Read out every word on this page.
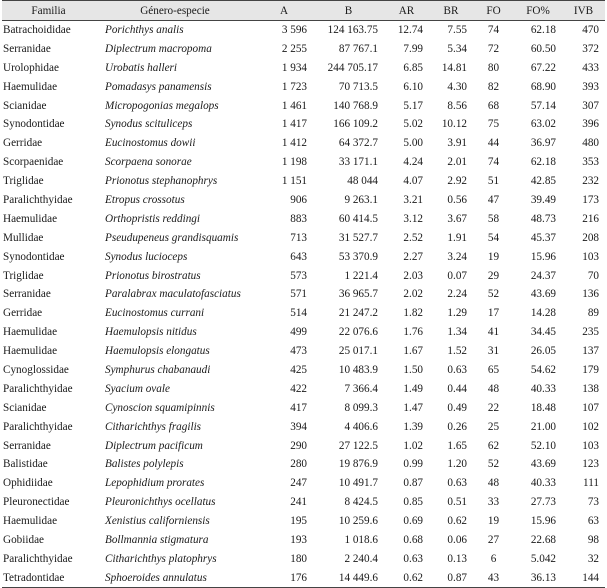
Familia	Género-especie	A	B	AR	BR	FO	FO%	IVB
Batrachoididae	Porichthys analis	3 596	124 163.75	12.74	7.55	74	62.18	470
Serranidae	Diplectrum macropoma	2 255	87 767.1	7.99	5.34	72	60.50	372
Urolophidae	Urobatis halleri	1 934	244 705.17	6.85	14.81	80	67.22	433
Haemulidae	Pomadasys panamensis	1 723	70 713.5	6.10	4.30	82	68.90	393
Scianidae	Micropogonias megalops	1 461	140 768.9	5.17	8.56	68	57.14	307
Synodontidae	Synodus scituliceps	1 417	166 109.2	5.02	10.12	75	63.02	396
Gerridae	Eucinostomus dowii	1 412	64 372.7	5.00	3.91	44	36.97	480
Scorpaenidae	Scorpaena sonorae	1 198	33 171.1	4.24	2.01	74	62.18	353
Triglidae	Prionotus stephanophrys	1 151	48 044	4.07	2.92	51	42.85	232
Paralichthyidae	Etropus crossotus	906	9 263.1	3.21	0.56	47	39.49	173
Haemulidae	Orthopristis reddingi	883	60 414.5	3.12	3.67	58	48.73	216
Mullidae	Pseudupeneus grandisquamis	713	31 527.7	2.52	1.91	54	45.37	208
Synodontidae	Synodus lucioceps	643	53 370.9	2.27	3.24	19	15.96	103
Triglidae	Prionotus birostratus	573	1 221.4	2.03	0.07	29	24.37	70
Serranidae	Paralabrax maculatofasciatus	571	36 965.7	2.02	2.24	52	43.69	136
Gerridae	Eucinostomus currani	514	21 247.2	1.82	1.29	17	14.28	89
Haemulidae	Haemulopsis nitidus	499	22 076.6	1.76	1.34	41	34.45	235
Haemulidae	Haemulopsis elongatus	473	25 017.1	1.67	1.52	31	26.05	137
Cynoglossidae	Symphurus chabanaudi	425	10 483.9	1.50	0.63	65	54.62	179
Paralichthyidae	Syacium ovale	422	7 366.4	1.49	0.44	48	40.33	138
Scianidae	Cynoscion squamipinnis	417	8 099.3	1.47	0.49	22	18.48	107
Paralichthyidae	Citharichthys fragilis	394	4 406.6	1.39	0.26	25	21.00	102
Serranidae	Diplectrum pacificum	290	27 122.5	1.02	1.65	62	52.10	103
Balistidae	Balistes polylepis	280	19 876.9	0.99	1.20	52	43.69	123
Ophidiidae	Lepophidium prorates	247	10 491.7	0.87	0.63	48	40.33	111
Pleuronectidae	Pleuronichthys ocellatus	241	8 424.5	0.85	0.51	33	27.73	73
Haemulidae	Xenistius californiensis	195	10 259.6	0.69	0.62	19	15.96	63
Gobiidae	Bollmannia stigmatura	193	1 018.6	0.68	0.06	27	22.68	98
Paralichthyidae	Citharichthys platophrys	180	2 240.4	0.63	0.13	6	5.042	32
Tetradontidae	Sphoeroides annulatus	176	14 449.6	0.62	0.87	43	36.13	144
